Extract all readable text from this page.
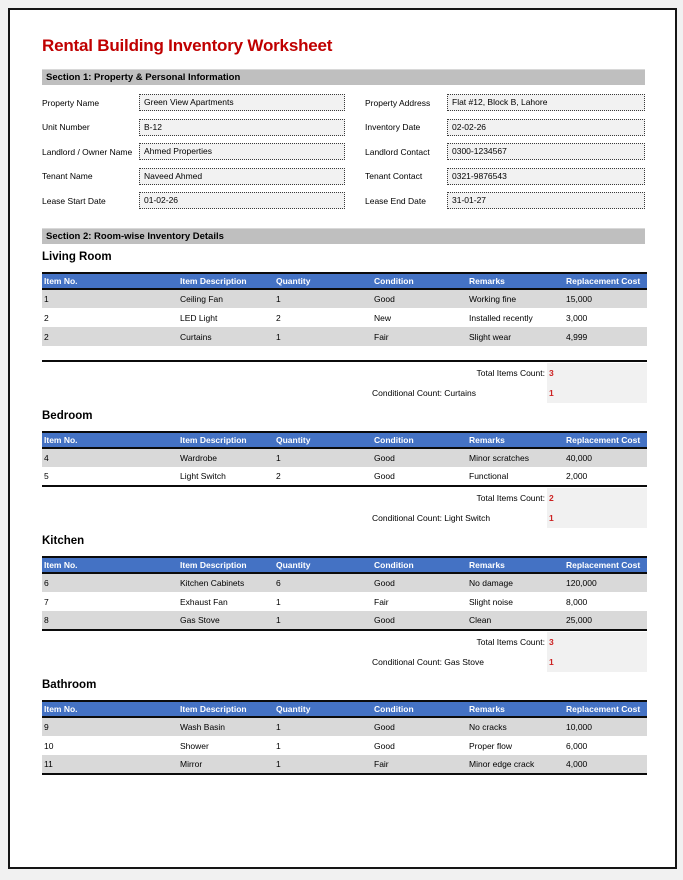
Rental Building Inventory Worksheet
Section 1: Property & Personal Information
Property Name	Green View Apartments	Property Address	Flat #12, Block B, Lahore
Unit Number	B-12	Inventory Date	02-02-26
Landlord / Owner Name	Ahmed Properties	Landlord Contact	0300-1234567
Tenant Name	Naveed Ahmed	Tenant Contact	0321-9876543
Lease Start Date	01-02-26	Lease End Date	31-01-27
Section 2: Room-wise Inventory Details
Living Room
Item No.	Item Description	Quantity	Condition	Remarks	Replacement Cost
1	Ceiling Fan	1	Good	Working fine	15,000
2	LED Light	2	New	Installed recently	3,000
2	Curtains	1	Fair	Slight wear	4,999

Total Items Count: 3
Conditional Count: Curtains	1
Bedroom
Item No.	Item Description	Quantity	Condition	Remarks	Replacement Cost
4	Wardrobe	1	Good	Minor scratches	40,000
5	Light Switch	2	Good	Functional	2,000
Total Items Count: 2
Conditional Count: Light Switch	1
Kitchen
Item No.	Item Description	Quantity	Condition	Remarks	Replacement Cost
6	Kitchen Cabinets	6	Good	No damage	120,000
7	Exhaust Fan	1	Fair	Slight noise	8,000
8	Gas Stove	1	Good	Clean	25,000
Total Items Count: 3
Conditional Count: Gas Stove	1
Bathroom
Item No.	Item Description	Quantity	Condition	Remarks	Replacement Cost
9	Wash Basin	1	Good	No cracks	10,000
10	Shower	1	Good	Proper flow	6,000
11	Mirror	1	Fair	Minor edge crack	4,000
